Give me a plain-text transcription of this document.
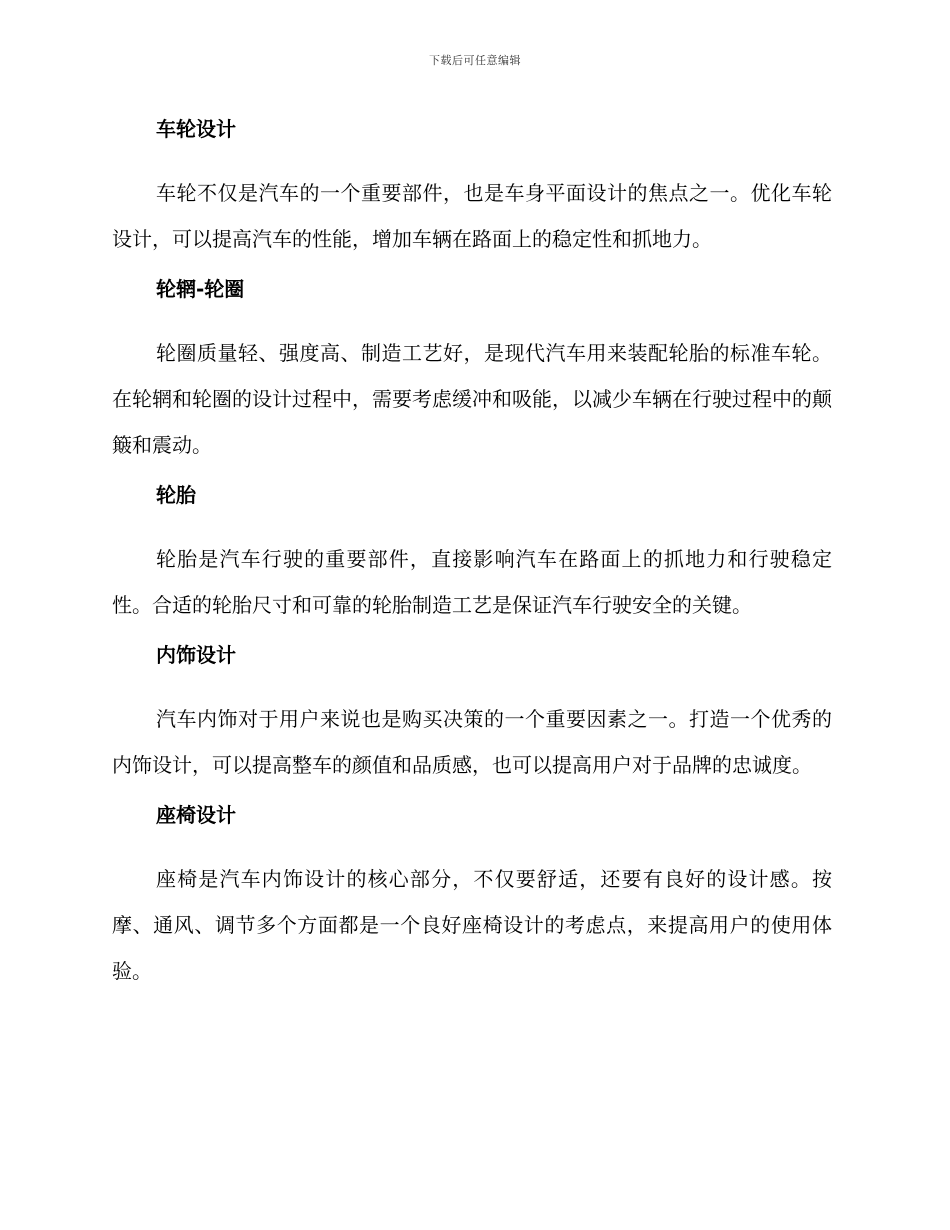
下载后可任意编辑
车轮设计

车轮不仅是汽车的一个重要部件，也是车身平面设计的焦点之一。优化车轮设计，可以提高汽车的性能，增加车辆在路面上的稳定性和抓地力。

轮辋-轮圈

轮圈质量轻、强度高、制造工艺好，是现代汽车用来装配轮胎的标准车轮。在轮辋和轮圈的设计过程中，需要考虑缓冲和吸能，以减少车辆在行驶过程中的颠簸和震动。

轮胎

轮胎是汽车行驶的重要部件，直接影响汽车在路面上的抓地力和行驶稳定性。合适的轮胎尺寸和可靠的轮胎制造工艺是保证汽车行驶安全的关键。

内饰设计

汽车内饰对于用户来说也是购买决策的一个重要因素之一。打造一个优秀的内饰设计，可以提高整车的颜值和品质感，也可以提高用户对于品牌的忠诚度。

座椅设计

座椅是汽车内饰设计的核心部分，不仅要舒适，还要有良好的设计感。按摩、通风、调节多个方面都是一个良好座椅设计的考虑点，来提高用户的使用体验。
